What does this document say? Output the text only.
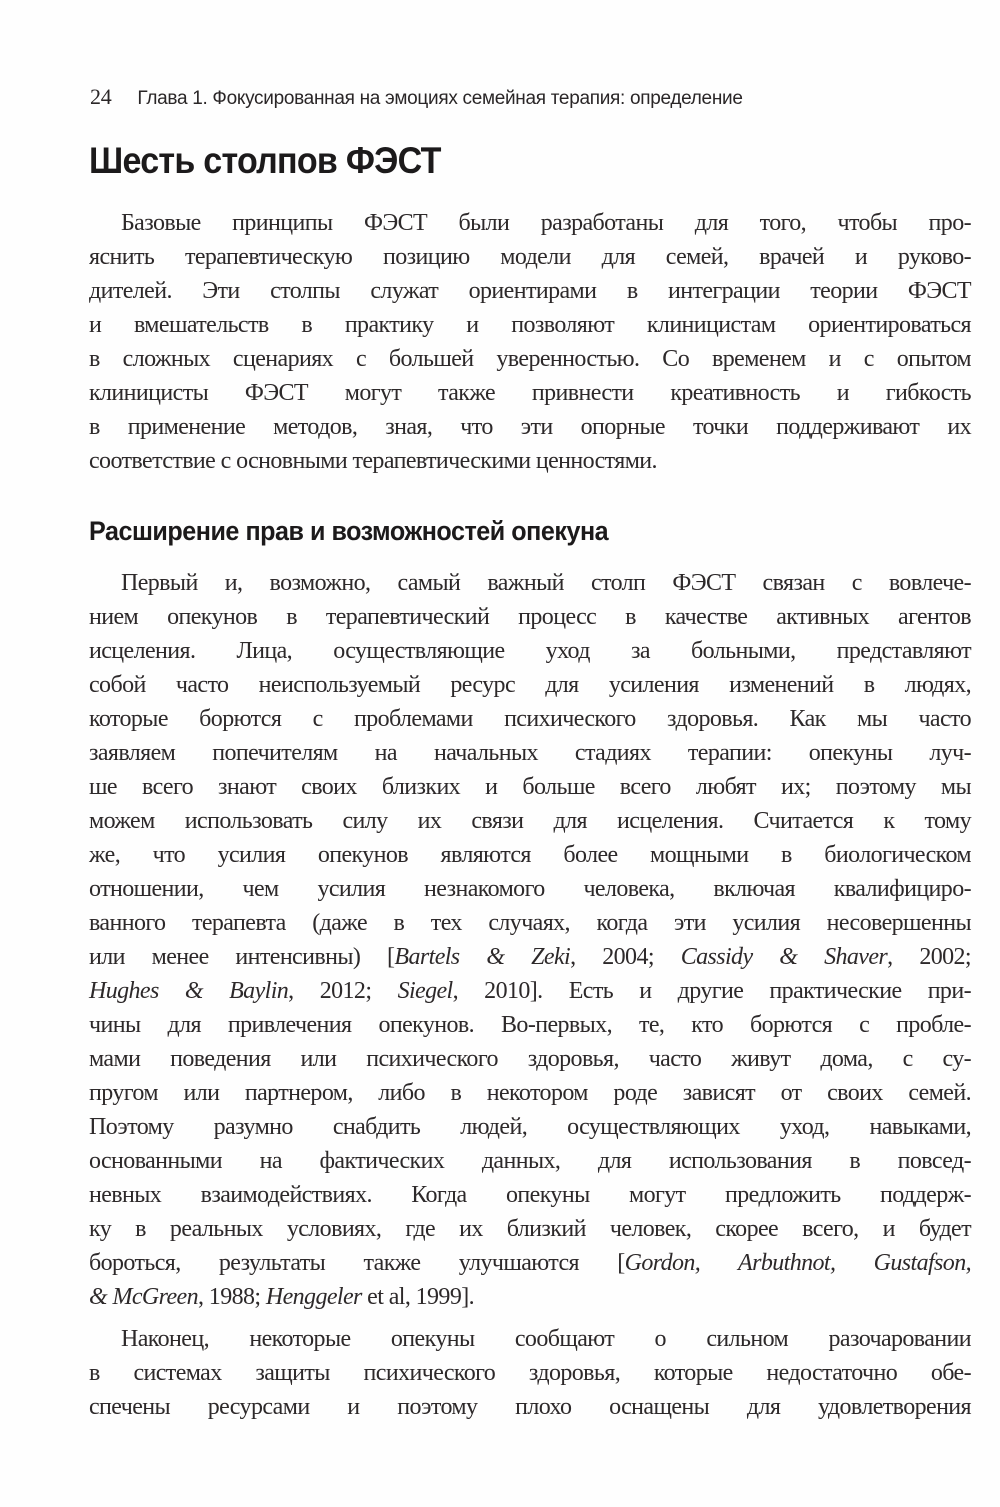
24 Глава 1. Фокусированная на эмоциях семейная терапия: определение
Шесть столпов ФЭСТ
Базовые принципы ФЭСТ были разработаны для того, чтобы про-
яснить терапевтическую позицию модели для семей, врачей и руково-
дителей. Эти столпы служат ориентирами в интеграции теории ФЭСТ
и вмешательств в практику и позволяют клиницистам ориентироваться
в сложных сценариях с большей уверенностью. Со временем и с опытом
клиницисты ФЭСТ могут также привнести креативность и гибкость
в применение методов, зная, что эти опорные точки поддерживают их
соответствие с основными терапевтическими ценностями.
Расширение прав и возможностей опекуна
Первый и, возможно, самый важный столп ФЭСТ связан с вовлече-
нием опекунов в терапевтический процесс в качестве активных агентов
исцеления. Лица, осуществляющие уход за больными, представляют
собой часто неиспользуемый ресурс для усиления изменений в людях,
которые борются с проблемами психического здоровья. Как мы часто
заявляем попечителям на начальных стадиях терапии: опекуны луч-
ше всего знают своих близких и больше всего любят их; поэтому мы
можем использовать силу их связи для исцеления. Считается к тому
же, что усилия опекунов являются более мощными в биологическом
отношении, чем усилия незнакомого человека, включая квалифициро-
ванного терапевта (даже в тех случаях, когда эти усилия несовершенны
или менее интенсивны) [Bartels & Zeki, 2004; Cassidy & Shaver, 2002;
Hughes & Baylin, 2012; Siegel, 2010]. Есть и другие практические при-
чины для привлечения опекунов. Во-первых, те, кто борются с пробле-
мами поведения или психического здоровья, часто живут дома, с су-
пругом или партнером, либо в некотором роде зависят от своих семей.
Поэтому разумно снабдить людей, осуществляющих уход, навыками,
основанными на фактических данных, для использования в повсед-
невных взаимодействиях. Когда опекуны могут предложить поддерж-
ку в реальных условиях, где их близкий человек, скорее всего, и будет
бороться, результаты также улучшаются [Gordon, Arbuthnot, Gustafson,
& McGreen, 1988; Henggeler et al, 1999].
Наконец, некоторые опекуны сообщают о сильном разочаровании
в системах защиты психического здоровья, которые недостаточно обе-
спечены ресурсами и поэтому плохо оснащены для удовлетворения
